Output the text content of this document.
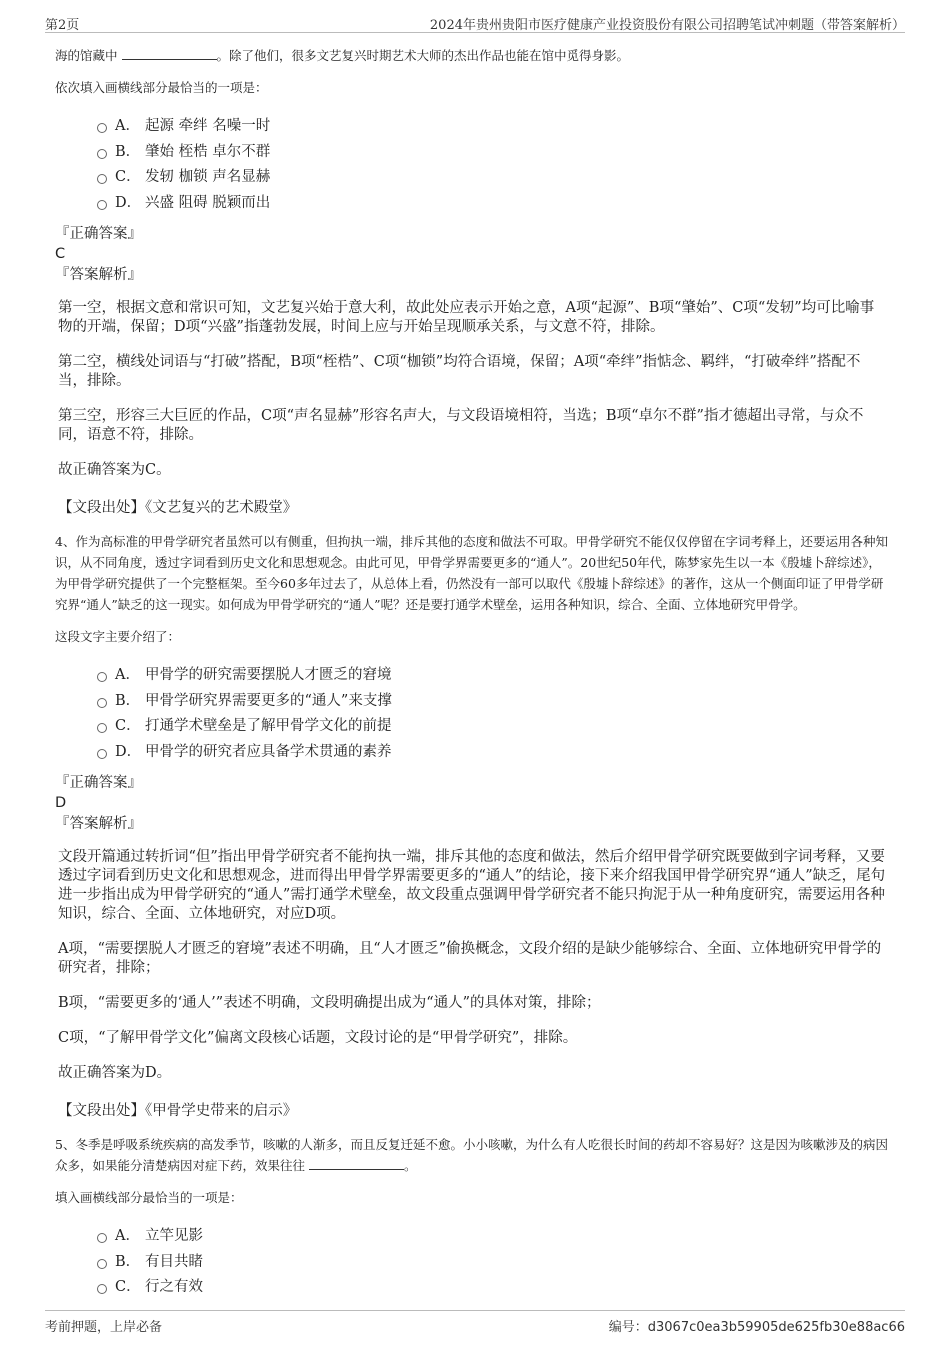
第2页	2024年贵州贵阳市医疗健康产业投资股份有限公司招聘笔试冲刺题（带答案解析）

海的馆藏中	。除了他们，很多文艺复兴时期艺术大师的杰出作品也能在馆中觅得身影。

依次填入画横线部分最恰当的一项是：
A． 起源 牵绊 名噪一时
B． 肇始 桎梏 卓尔不群
C． 发轫 枷锁 声名显赫
D． 兴盛 阻碍 脱颖而出
『正确答案』
C
『答案解析』

第一空，根据文意和常识可知，文艺复兴始于意大利，故此处应表示开始之意，A项“起源”、B项“肇始”、C项“发轫”均可比喻事物的开端，保留；D项“兴盛”指蓬勃发展，时间上应与开始呈现顺承关系，与文意不符，排除。

第二空，横线处词语与“打破”搭配，B项“桎梏”、C项“枷锁”均符合语境，保留；A项“牵绊”指惦念、羁绊，“打破牵绊”搭配不当，排除。

第三空，形容三大巨匠的作品，C项“声名显赫”形容名声大，与文段语境相符，当选；B项“卓尔不群”指才德超出寻常，与众不同，语意不符，排除。

故正确答案为C。

【文段出处】《文艺复兴的艺术殿堂》

4、作为高标准的甲骨学研究者虽然可以有侧重，但拘执一端，排斥其他的态度和做法不可取。甲骨学研究不能仅仅停留在字词考释上，还要运用各种知识，从不同角度，透过字词看到历史文化和思想观念。由此可见，甲骨学界需要更多的“通人”。20世纪50年代，陈梦家先生以一本《殷墟卜辞综述》，为甲骨学研究提供了一个完整框架。至今60多年过去了，从总体上看，仍然没有一部可以取代《殷墟卜辞综述》的著作，这从一个侧面印证了甲骨学研究界“通人”缺乏的这一现实。如何成为甲骨学研究的“通人”呢？还是要打通学术壁垒，运用各种知识，综合、全面、立体地研究甲骨学。

这段文字主要介绍了：
A． 甲骨学的研究需要摆脱人才匮乏的窘境
B． 甲骨学研究界需要更多的“通人”来支撑
C． 打通学术壁垒是了解甲骨学文化的前提
D． 甲骨学的研究者应具备学术贯通的素养
『正确答案』
D
『答案解析』

文段开篇通过转折词“但”指出甲骨学研究者不能拘执一端，排斥其他的态度和做法，然后介绍甲骨学研究既要做到字词考释，又要透过字词看到历史文化和思想观念，进而得出甲骨学界需要更多的“通人”的结论，接下来介绍我国甲骨学研究界“通人”缺乏，尾句进一步指出成为甲骨学研究的“通人”需打通学术壁垒，故文段重点强调甲骨学研究者不能只拘泥于从一种角度研究，需要运用各种知识，综合、全面、立体地研究，对应D项。

A项，“需要摆脱人才匮乏的窘境”表述不明确，且“人才匮乏”偷换概念，文段介绍的是缺少能够综合、全面、立体地研究甲骨学的研究者，排除；

B项，“需要更多的‘通人’”表述不明确，文段明确提出成为“通人”的具体对策，排除；

C项，“了解甲骨学文化”偏离文段核心话题，文段讨论的是“甲骨学研究”，排除。

故正确答案为D。

【文段出处】《甲骨学史带来的启示》

5、冬季是呼吸系统疾病的高发季节，咳嗽的人渐多，而且反复迁延不愈。小小咳嗽，为什么有人吃很长时间的药却不容易好？这是因为咳嗽涉及的病因众多，如果能分清楚病因对症下药，效果往往	。

填入画横线部分最恰当的一项是：
A． 立竿见影
B． 有目共睹
C． 行之有效
考前押题，上岸必备	编号：d3067c0ea3b59905de625fb30e88ac66
